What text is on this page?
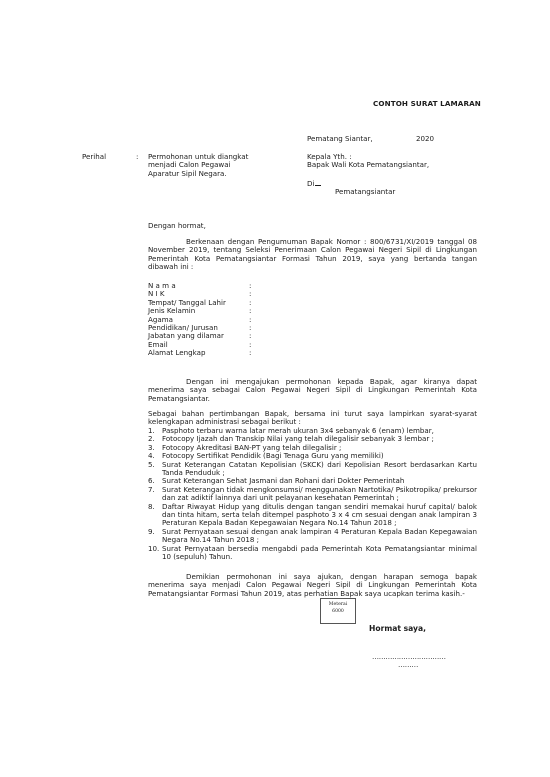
CONTOH SURAT LAMARAN
Pematang Siantar,	2020
Perihal	: Permohonan untuk diangkat
menjadi Calon Pegawai
Aparatur Sipil Negara.
Kepala Yth. :
Bapak Wali Kota Pematangsiantar,
Di
Pematangsiantar
Dengan hormat,

Berkenaan dengan Pengumuman Bapak Nomor : 800/6731/XI/2019 tanggal 08 November 2019, tentang Seleksi Penerimaan Calon Pegawai Negeri Sipil di Lingkungan Pemerintah Kota Pematangsiantar Formasi Tahun 2019, saya yang bertanda tangan dibawah ini :

N a m a	:
N I K	:
Tempat/ Tanggal Lahir	:
Jenis Kelamin	:
Agama	:
Pendidikan/ Jurusan	:
Jabatan yang dilamar	:
Email	:
Alamat Lengkap	:

Dengan ini mengajukan permohonan kepada Bapak, agar kiranya dapat menerima saya sebagai Calon Pegawai Negeri Sipil di Lingkungan Pemerintah Kota Pematangsiantar.

Sebagai bahan pertimbangan Bapak, bersama ini turut saya lampirkan syarat-syarat kelengkapan administrasi sebagai berikut :

1.	Pasphoto terbaru warna latar merah ukuran 3x4 sebanyak 6 (enam) lembar,
2.	Fotocopy Ijazah dan Transkip Nilai yang telah dilegalisir sebanyak 3 lembar ;
3.	Fotocopy Akreditasi BAN-PT yang telah dilegalisir ;
4.	Fotocopy Sertifikat Pendidik (Bagi Tenaga Guru yang memiliki)
5.	Surat Keterangan Catatan Kepolisian (SKCK) dari Kepolisian Resort berdasarkan Kartu Tanda Penduduk ;
6.	Surat Keterangan Sehat Jasmani dan Rohani dari Dokter Pemerintah
7.	Surat Keterangan tidak mengkonsumsi/ menggunakan Nartotika/ Psikotropika/ prekursor dan zat adiktif lainnya dari unit pelayanan kesehatan Pemerintah ;
8.	Daftar Riwayat Hidup yang ditulis dengan tangan sendiri memakai huruf capital/ balok dan tinta hitam, serta telah ditempel pasphoto 3 x 4 cm sesuai dengan anak lampiran 3 Peraturan Kepala Badan Kepegawaian Negara No.14 Tahun 2018 ;
9.	Surat Pernyataan sesuai dengan anak lampiran 4 Peraturan Kepala Badan Kepegawaian Negara No.14 Tahun 2018 ;
10. Surat Pernyataan bersedia mengabdi pada Pemerintah Kota Pematangsiantar minimal 10 (sepuluh) Tahun.

Demikian permohonan ini saya ajukan, dengan harapan semoga bapak menerima saya menjadi Calon Pegawai Negeri Sipil di Lingkungan Pemerintah Kota Pematangsiantar Formasi Tahun 2019, atas perhatian Bapak saya ucapkan terima kasih.-

Meterai
6000
Hormat saya,
……………………………
………
